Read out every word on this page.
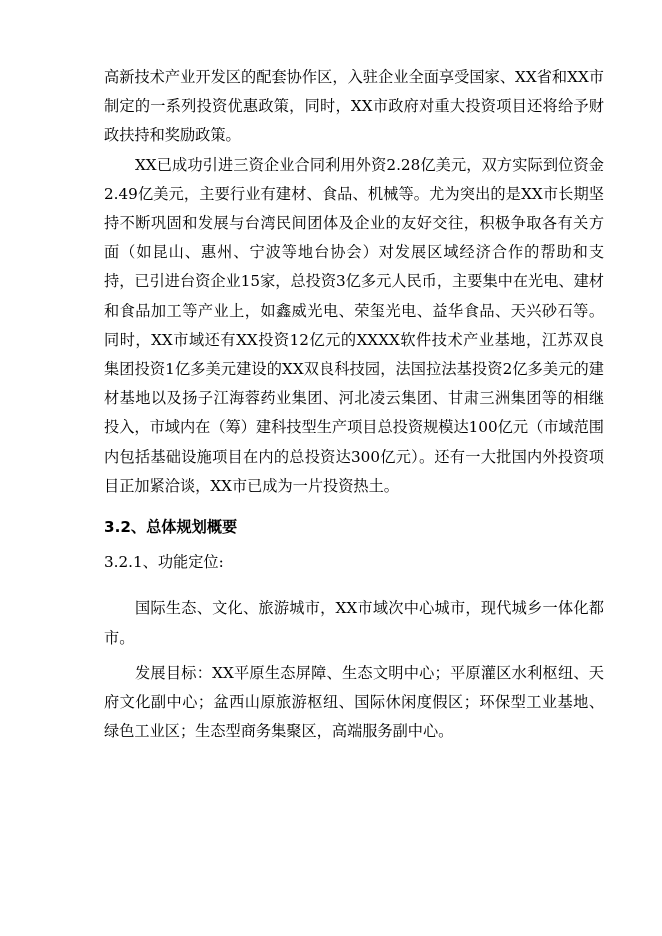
高新技术产业开发区的配套协作区，入驻企业全面享受国家、XX省和XX市制定的一系列投资优惠政策，同时，XX市政府对重大投资项目还将给予财政扶持和奖励政策。

XX已成功引进三资企业合同利用外资2.28亿美元，双方实际到位资金2.49亿美元，主要行业有建材、食品、机械等。尤为突出的是XX市长期坚持不断巩固和发展与台湾民间团体及企业的友好交往，积极争取各有关方面（如昆山、惠州、宁波等地台协会）对发展区域经济合作的帮助和支持，已引进台资企业15家，总投资3亿多元人民币，主要集中在光电、建材和食品加工等产业上，如鑫威光电、荣玺光电、益华食品、天兴砂石等。同时，XX市域还有XX投资12亿元的XXXX软件技术产业基地，江苏双良集团投资1亿多美元建设的XX双良科技园，法国拉法基投资2亿多美元的建材基地以及扬子江海蓉药业集团、河北凌云集团、甘肃三洲集团等的相继投入，市域内在（筹）建科技型生产项目总投资规模达100亿元（市域范围内包括基础设施项目在内的总投资达300亿元）。还有一大批国内外投资项目正加紧洽谈，XX市已成为一片投资热土。

3.2、总体规划概要
3.2.1、功能定位:

国际生态、文化、旅游城市，XX市域次中心城市，现代城乡一体化都市。

发展目标：XX平原生态屏障、生态文明中心；平原灌区水利枢纽、天府文化副中心；盆西山原旅游枢纽、国际休闲度假区；环保型工业基地、绿色工业区；生态型商务集聚区，高端服务副中心。
